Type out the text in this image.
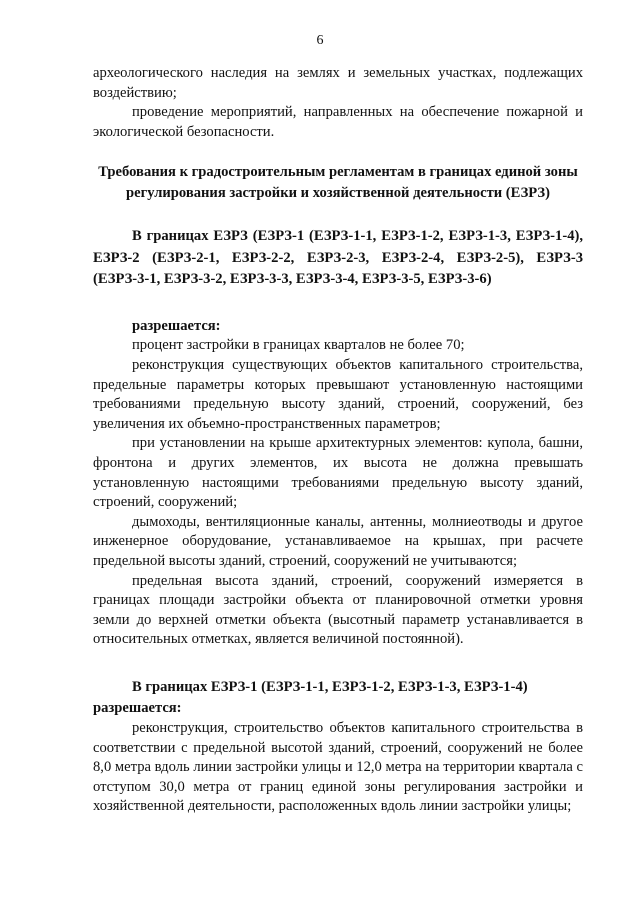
6

археологического наследия на землях и земельных участках, подлежащих воздействию;

проведение мероприятий, направленных на обеспечение пожарной и экологической безопасности.

Требования к градостроительным регламентам в границах единой зоны регулирования застройки и хозяйственной деятельности (ЕЗРЗ)

В границах ЕЗРЗ (ЕЗРЗ-1 (ЕЗРЗ-1-1, ЕЗРЗ-1-2, ЕЗРЗ-1-3, ЕЗРЗ-1-4), ЕЗРЗ-2 (ЕЗРЗ-2-1, ЕЗРЗ-2-2, ЕЗРЗ-2-3, ЕЗРЗ-2-4, ЕЗРЗ-2-5), ЕЗРЗ-3 (ЕЗРЗ-3-1, ЕЗРЗ-3-2, ЕЗРЗ-3-3, ЕЗРЗ-3-4, ЕЗРЗ-3-5, ЕЗРЗ-3-6)

разрешается:

процент застройки в границах кварталов не более 70;

реконструкция существующих объектов капитального строительства, предельные параметры которых превышают установленную настоящими требованиями предельную высоту зданий, строений, сооружений, без увеличения их объемно-пространственных параметров;

при установлении на крыше архитектурных элементов: купола, башни, фронтона и других элементов, их высота не должна превышать установленную настоящими требованиями предельную высоту зданий, строений, сооружений;

дымоходы, вентиляционные каналы, антенны, молниеотводы и другое инженерное оборудование, устанавливаемое на крышах, при расчете предельной высоты зданий, строений, сооружений не учитываются;

предельная высота зданий, строений, сооружений измеряется в границах площади застройки объекта от планировочной отметки уровня земли до верхней отметки объекта (высотный параметр устанавливается в относительных отметках, является величиной постоянной).

В границах ЕЗРЗ-1 (ЕЗРЗ-1-1, ЕЗРЗ-1-2, ЕЗРЗ-1-3, ЕЗРЗ-1-4)

разрешается:

реконструкция, строительство объектов капитального строительства в соответствии с предельной высотой зданий, строений, сооружений не более 8,0 метра вдоль линии застройки улицы и 12,0 метра на территории квартала с отступом 30,0 метра от границ единой зоны регулирования застройки и хозяйственной деятельности, расположенных вдоль линии застройки улицы;
